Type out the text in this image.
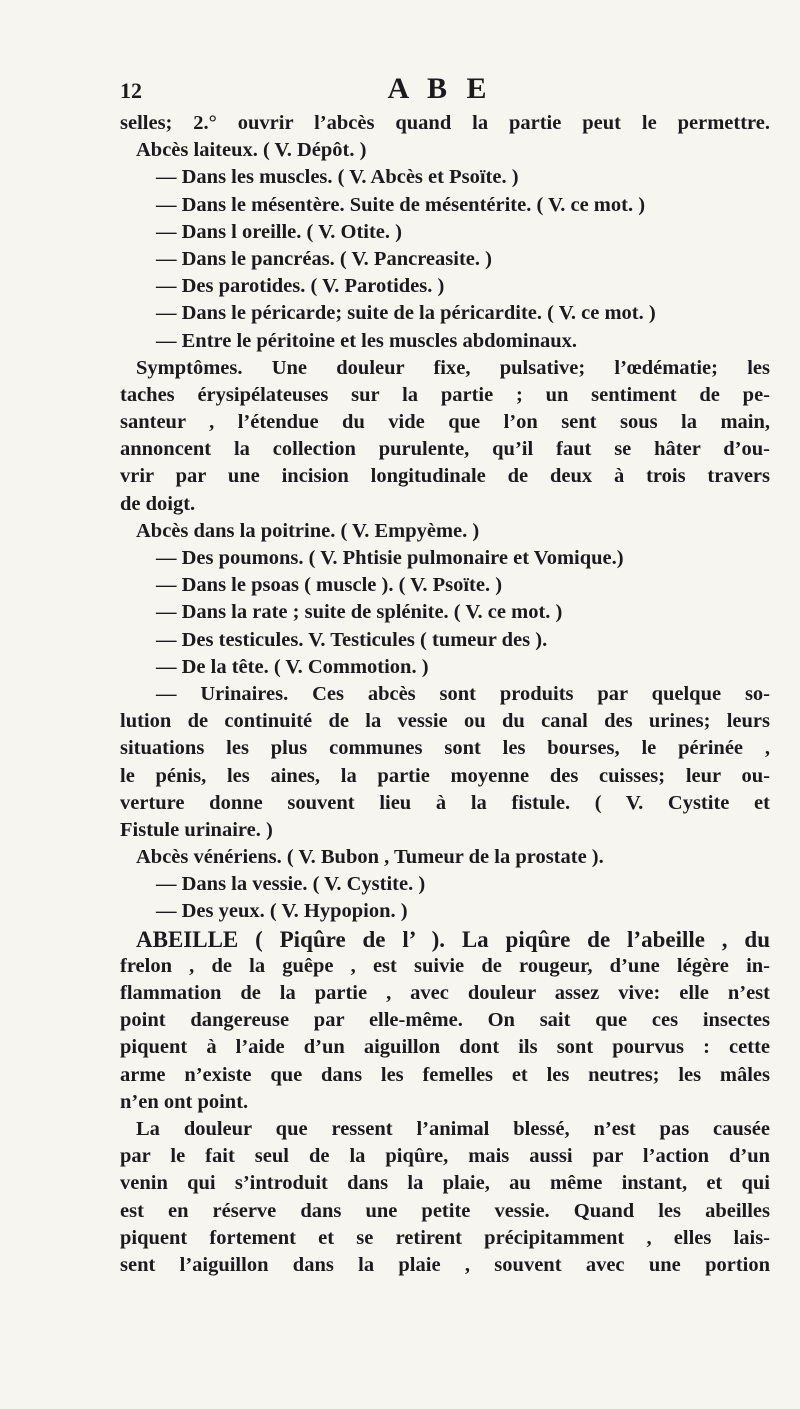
12	A B E
selles; 2.° ouvrir l’abcès quand la partie peut le permettre.
Abcès laiteux. ( V. Dépôt. )
— Dans les muscles. ( V. Abcès et Psoïte. )
— Dans le mésentère. Suite de mésentérite. ( V. ce mot. )
— Dans l oreille. ( V. Otite. )
— Dans le pancréas. ( V. Pancreasite. )
— Des parotides. ( V. Parotides. )
— Dans le péricarde; suite de la péricardite. ( V. ce mot. )
— Entre le péritoine et les muscles abdominaux.
Symptômes. Une douleur fixe, pulsative; l’œdématie; les
taches érysipélateuses sur la partie ; un sentiment de pe-
santeur , l’étendue du vide que l’on sent sous la main,
annoncent la collection purulente, qu’il faut se hâter d’ou-
vrir par une incision longitudinale de deux à trois travers
de doigt.
Abcès dans la poitrine. ( V. Empyème. )
— Des poumons. ( V. Phtisie pulmonaire et Vomique.)
— Dans le psoas ( muscle ). ( V. Psoïte. )
— Dans la rate ; suite de splénite. ( V. ce mot. )
— Des testicules. V. Testicules ( tumeur des ).
— De la tête. ( V. Commotion. )
— Urinaires. Ces abcès sont produits par quelque so-
lution de continuité de la vessie ou du canal des urines; leurs
situations les plus communes sont les bourses, le périnée ,
le pénis, les aines, la partie moyenne des cuisses; leur ou-
verture donne souvent lieu à la fistule. ( V. Cystite et
Fistule urinaire. )
Abcès vénériens. ( V. Bubon , Tumeur de la prostate ).
— Dans la vessie. ( V. Cystite. )
— Des yeux. ( V. Hypopion. )
ABEILLE ( Piqûre de l’ ). La piqûre de l’abeille , du
frelon , de la guêpe , est suivie de rougeur, d’une légère in-
flammation de la partie , avec douleur assez vive: elle n’est
point dangereuse par elle-même. On sait que ces insectes
piquent à l’aide d’un aiguillon dont ils sont pourvus : cette
arme n’existe que dans les femelles et les neutres; les mâles
n’en ont point.
La douleur que ressent l’animal blessé, n’est pas causée
par le fait seul de la piqûre, mais aussi par l’action d’un
venin qui s’introduit dans la plaie, au même instant, et qui
est en réserve dans une petite vessie. Quand les abeilles
piquent fortement et se retirent précipitamment , elles lais-
sent l’aiguillon dans la plaie , souvent avec une portion
